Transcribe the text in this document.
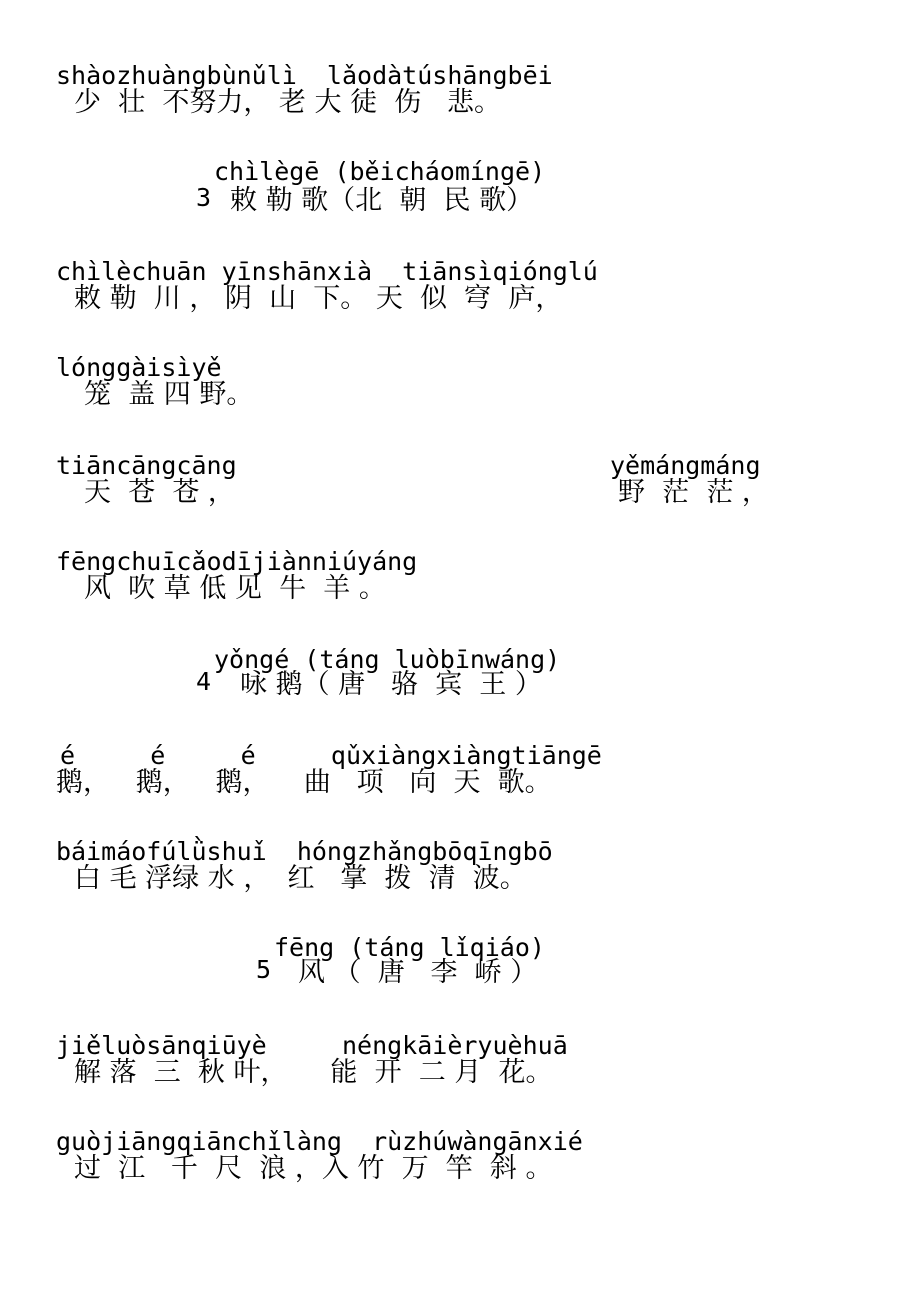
shàozhuàngbùnǔlì  lǎodàtúshāngbēi
少  壮  不努力， 老 大 徒  伤   悲。
3
chìlègē (běicháomíngē)
敕 勒 歌（北  朝  民 歌）
chìlèchuān yīnshānxià  tiānsìqiónglú
敕 勒  川 ， 阴  山  下。 天  似  穹  庐，
lónggàisìyě
笼  盖 四 野。
tiāncāngcāng
天  苍  苍 ，
yěmángmáng
野  茫  茫 ，
fēngchuīcǎodījiànniúyáng
风  吹 草 低 见  牛  羊 。
4
yǒngé (táng luòbīnwáng)
咏 鹅（ 唐   骆  宾  王 ）
é     é     é     qǔxiàngxiàngtiāngē
鹅，   鹅，   鹅，    曲   项   向  天  歌。
báimáofúlǜshuǐ  hóngzhǎngbōqīngbō
白 毛 浮绿 水 ，  红   掌  拨  清  波。
5
fēng (táng lǐqiáo)
风 （  唐   李  峤 ）
jiěluòsānqiūyè     néngkāièryuèhuā
解 落  三  秋 叶，     能  开  二 月  花。
guòjiāngqiānchǐlàng  rùzhúwàngānxié
过  江   千  尺  浪 ，入 竹  万  竿  斜 。
